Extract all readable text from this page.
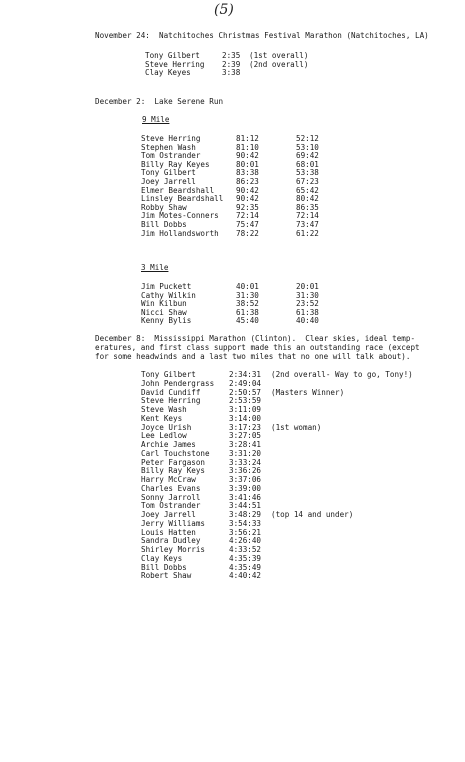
(5)
November 24:  Natchitoches Christmas Festival Marathon (Natchitoches, LA)
Tony Gilbert
Steve Herring
Clay Keyes
2:35
2:39
3:38
(1st overall)
(2nd overall)
December 2:  Lake Serene Run
9 Mile
Steve Herring
Stephen Wash
Tom Ostrander
Billy Ray Keyes
Tony Gilbert
Joey Jarrell
Elmer Beardshall
Linsley Beardshall
Robby Shaw
Jim Motes-Conners
Bill Dobbs
Jim Hollandsworth
81:12
81:10
90:42
80:01
83:38
86:23
90:42
90:42
92:35
72:14
75:47
78:22
52:12
53:10
69:42
68:01
53:38
67:23
65:42
80:42
86:35
72:14
73:47
61:22
3 Mile
Jim Puckett
Cathy Wilkin
Win Kilbun
Nicci Shaw
Kenny Bylis
40:01
31:30
38:52
61:38
45:40
20:01
31:30
23:52
61:38
40:40
December 8:  Mississippi Marathon (Clinton).  Clear skies, ideal temp-
eratures, and first class support made this an outstanding race (except
for some headwinds and a last two miles that no one will talk about).
Tony Gilbert
John Pendergrass
David Cundiff
Steve Herring
Steve Wash
Kent Keys
Joyce Urish
Lee Ledlow
Archie James
Carl Touchstone
Peter Fargason
Billy Ray Keys
Harry McCraw
Charles Evans
Sonny Jarroll
Tom Ostrander
Joey Jarrell
Jerry Williams
Louis Hatten
Sandra Dudley
Shirley Morris
Clay Keys
Bill Dobbs
Robert Shaw
2:34:31
2:49:04
2:50:57
2:53:59
3:11:09
3:14:00
3:17:23
3:27:05
3:28:41
3:31:20
3:33:24
3:36:26
3:37:06
3:39:00
3:41:46
3:44:51
3:48:29
3:54:33
3:56:21
4:26:40
4:33:52
4:35:39
4:35:49
4:40:42
(2nd overall- Way to go, Tony!)
(Masters Winner)
(1st woman)
(top 14 and under)
